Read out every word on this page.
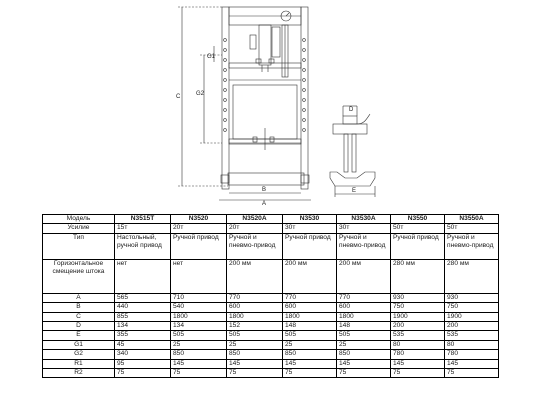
C	G2
G1
B
A
D
E
Модель	N3515T	N3520	N3520A	N3530	N3530A	N3550	N3550A
Усилие	15т	20т	20т	30т	30т	50т	50т
Тип	Настольный, ручной привод	Ручной привод	Ручной и пневмо-привод	Ручной привод	Ручной и пневмо-привод	Ручной привод	Ручной и пневмо-привод
Горизонтальное смещение штока	нет	нет	200 мм	200 мм	200 мм	280 мм	280 мм
A	565	710	770	770	770	930	930
B	440	540	600	600	600	750	750
C	855	1800	1800	1800	1800	1900	1900
D	134	134	152	148	148	200	200
E	355	505	505	505	505	535	535
G1	45	25	25	25	25	80	80
G2	340	850	850	850	850	780	780
R1	95	145	145	145	145	145	145
R2	75	75	75	75	75	75	75
